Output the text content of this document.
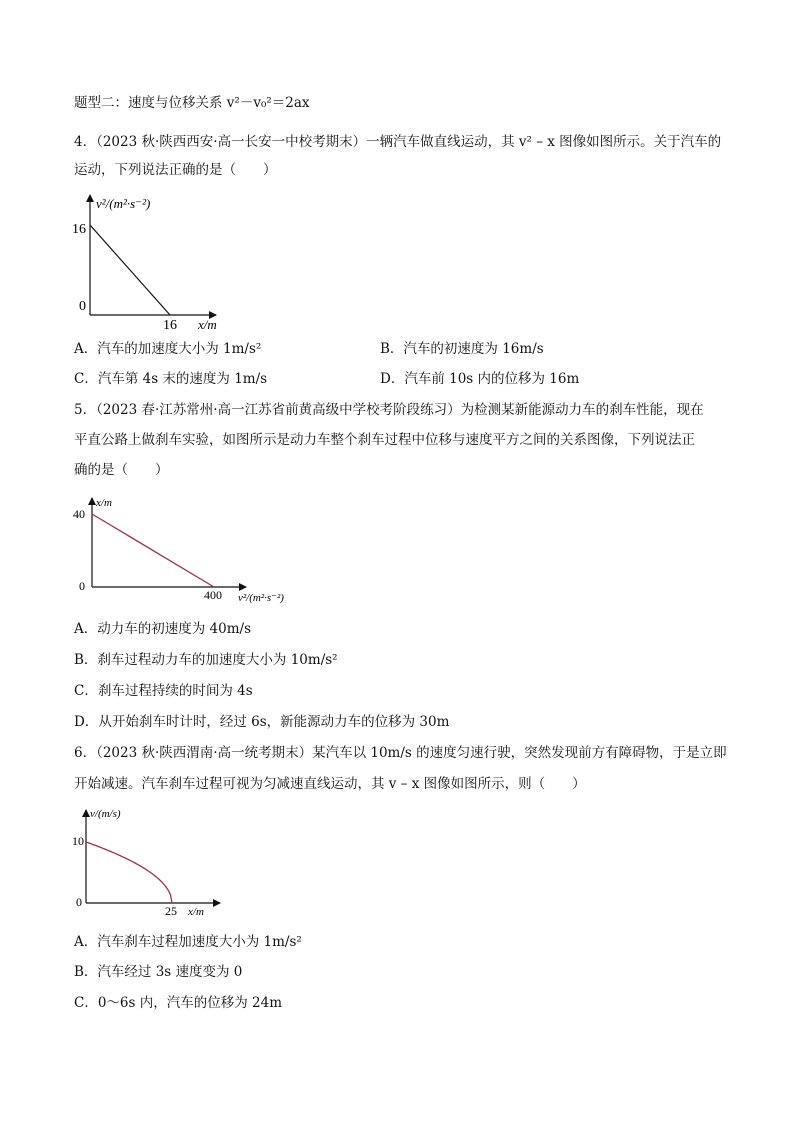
题型二：速度与位移关系 v²－v₀²＝2ax
4．（2023 秋·陕西西安·高一长安一中校考期末）一辆汽车做直线运动，其 v² – x 图像如图所示。关于汽车的
运动，下列说法正确的是（　　）
v²/(m²·s⁻²)
16
0
16 x/m
A．汽车的加速度大小为 1m/s²	B．汽车的初速度为 16m/s
C．汽车第 4s 末的速度为 1m/s	D．汽车前 10s 内的位移为 16m
5．（2023 春·江苏常州·高一江苏省前黄高级中学校考阶段练习）为检测某新能源动力车的刹车性能，现在
平直公路上做刹车实验，如图所示是动力车整个刹车过程中位移与速度平方之间的关系图像，下列说法正
确的是（　　）
x/m
40
0
400 v²/(m²·s⁻²)
A．动力车的初速度为 40m/s
B．刹车过程动力车的加速度大小为 10m/s²
C．刹车过程持续的时间为 4s
D．从开始刹车时计时，经过 6s，新能源动力车的位移为 30m
6．（2023 秋·陕西渭南·高一统考期末）某汽车以 10m/s 的速度匀速行驶，突然发现前方有障碍物，于是立即
开始减速。汽车刹车过程可视为匀减速直线运动，其 v – x 图像如图所示，则（　　）
v/(m/s)
10
0
25 x/m
A．汽车刹车过程加速度大小为 1m/s²
B．汽车经过 3s 速度变为 0
C．0～6s 内，汽车的位移为 24m
